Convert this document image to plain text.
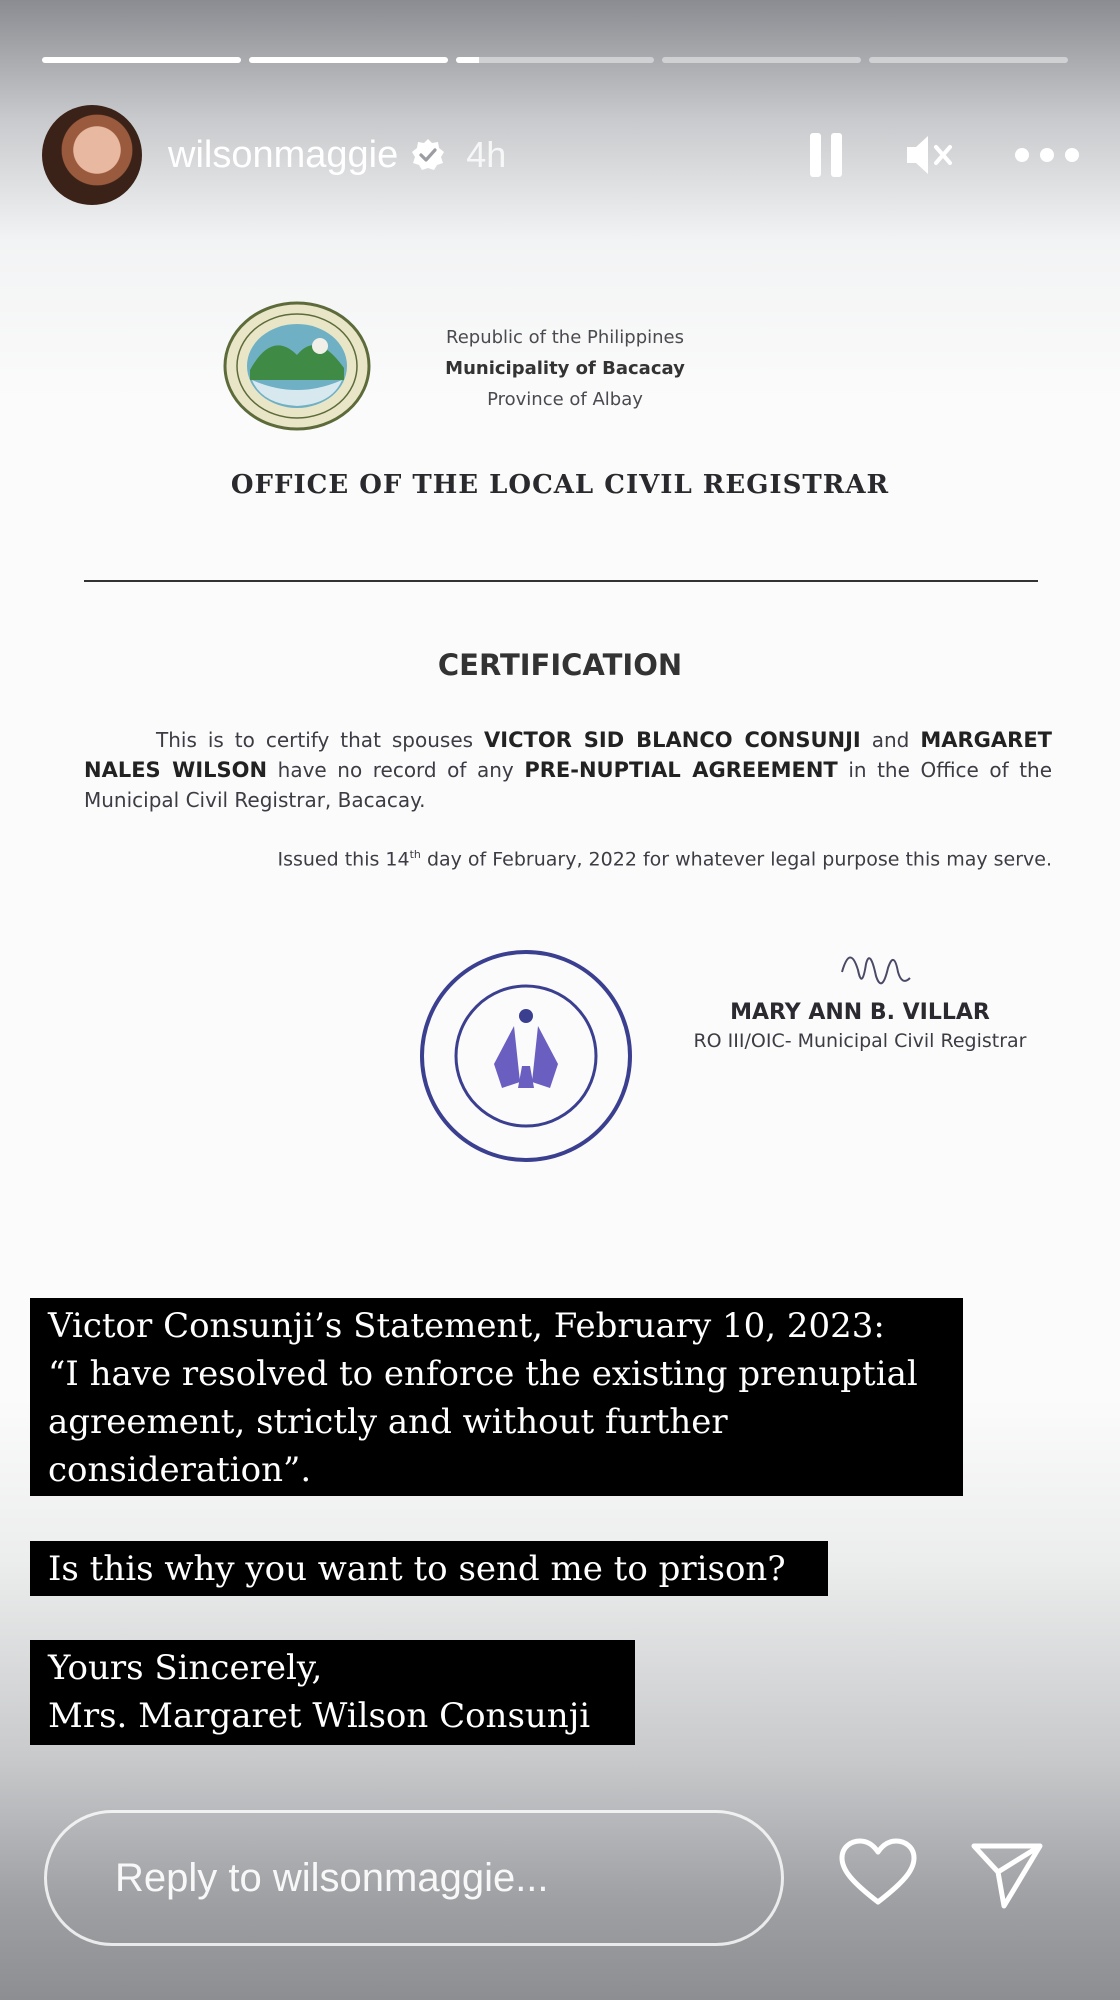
wilsonmaggie 4h
Republic of the Philippines
Municipality of Bacacay
Province of Albay
OFFICE OF THE LOCAL CIVIL REGISTRAR
CERTIFICATION
This is to certify that spouses VICTOR SID BLANCO CONSUNJI and MARGARET NALES WILSON have no record of any PRE-NUPTIAL AGREEMENT in the Office of the Municipal Civil Registrar, Bacacay.
Issued this 14th day of February, 2022 for whatever legal purpose this may serve.
MARY ANN B. VILLAR
RO III/OIC- Municipal Civil Registrar
Victor Consunji’s Statement, February 10, 2023:
“I have resolved to enforce the existing prenuptial
agreement, strictly and without further
consideration”.
Is this why you want to send me to prison?
Yours Sincerely,
Mrs. Margaret Wilson Consunji
Reply to wilsonmaggie...
